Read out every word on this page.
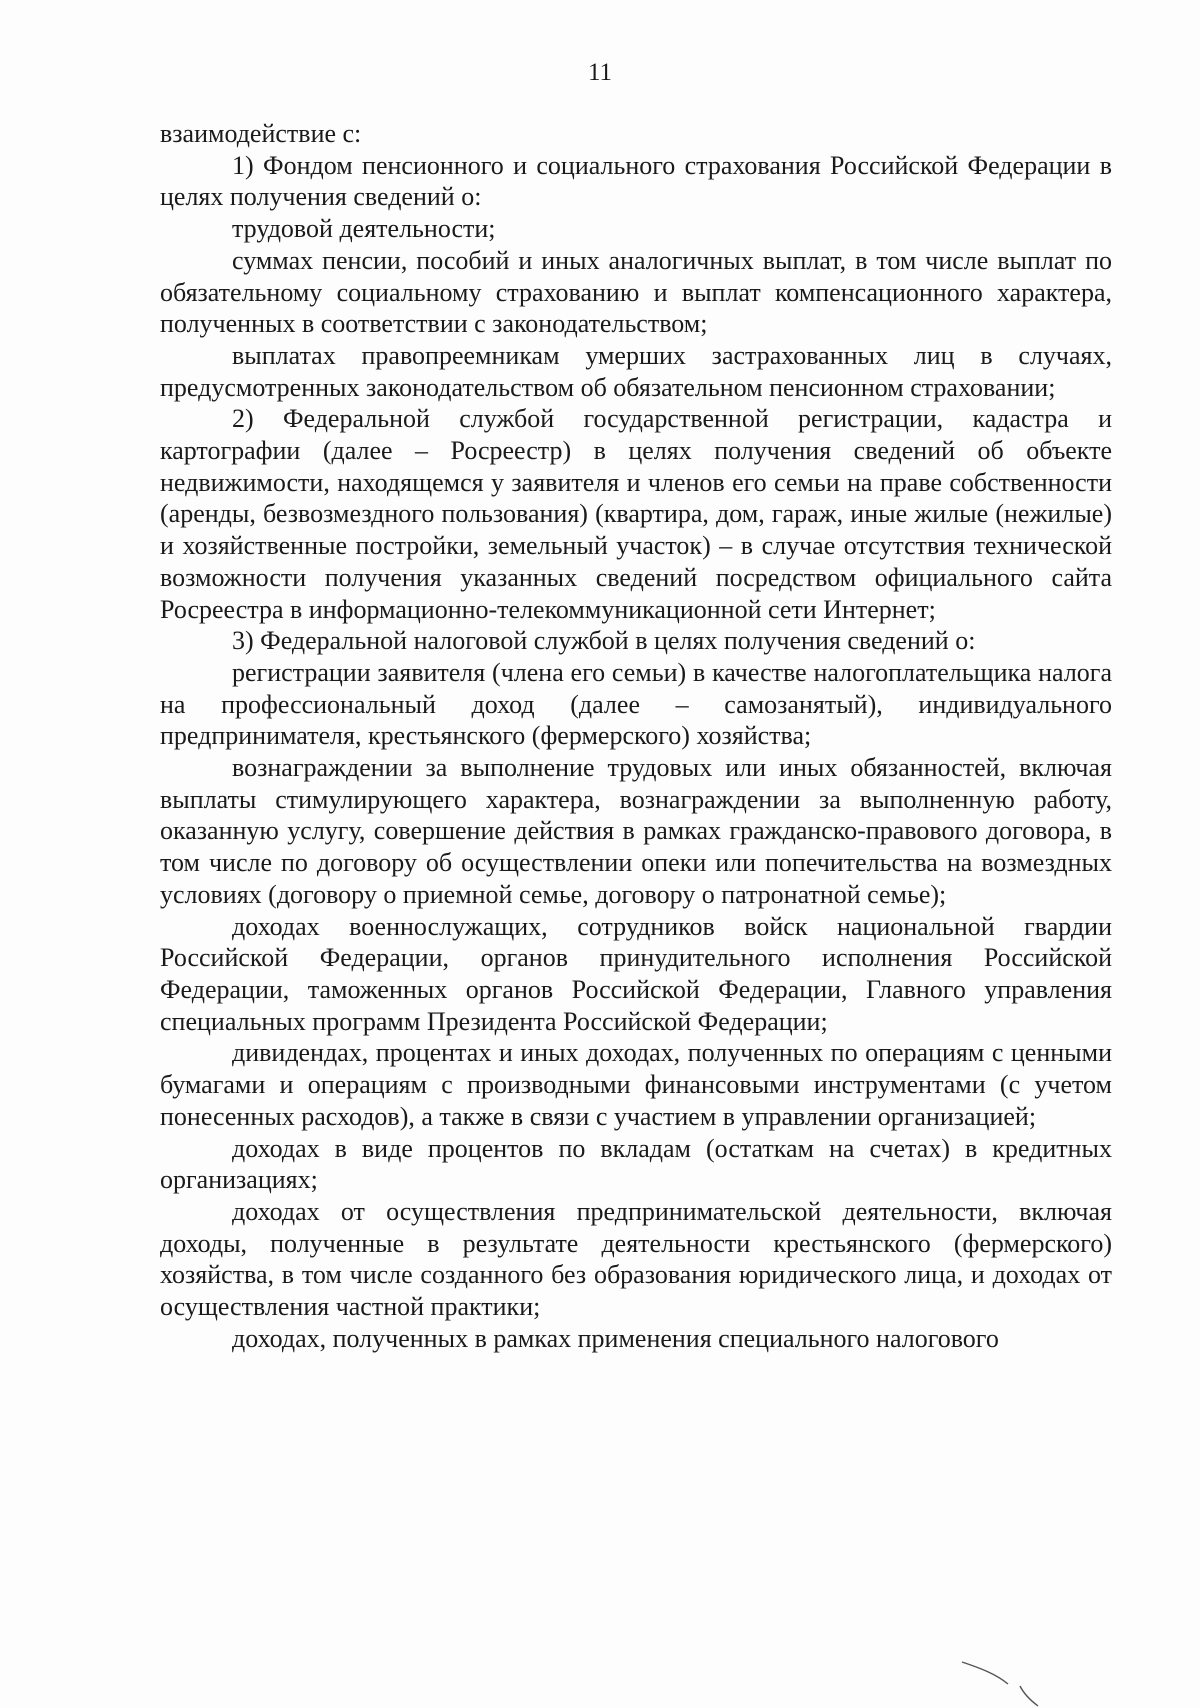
11

взаимодействие с:

1) Фондом пенсионного и социального страхования Российской Федерации в целях получения сведений о:

трудовой деятельности;

суммах пенсии, пособий и иных аналогичных выплат, в том числе выплат по обязательному социальному страхованию и выплат компенсационного характера, полученных в соответствии с законодательством;

выплатах правопреемникам умерших застрахованных лиц в случаях, предусмотренных законодательством об обязательном пенсионном страховании;

2) Федеральной службой государственной регистрации, кадастра и картографии (далее – Росреестр) в целях получения сведений об объекте недвижимости, находящемся у заявителя и членов его семьи на праве собственности (аренды, безвозмездного пользования) (квартира, дом, гараж, иные жилые (нежилые) и хозяйственные постройки, земельный участок) – в случае отсутствия технической возможности получения указанных сведений посредством официального сайта Росреестра в информационно-телекоммуникационной сети Интернет;

3) Федеральной налоговой службой в целях получения сведений о:

регистрации заявителя (члена его семьи) в качестве налогоплательщика налога на профессиональный доход (далее – самозанятый), индивидуального предпринимателя, крестьянского (фермерского) хозяйства;

вознаграждении за выполнение трудовых или иных обязанностей, включая выплаты стимулирующего характера, вознаграждении за выполненную работу, оказанную услугу, совершение действия в рамках гражданско-правового договора, в том числе по договору об осуществлении опеки или попечительства на возмездных условиях (договору о приемной семье, договору о патронатной семье);

доходах военнослужащих, сотрудников войск национальной гвардии Российской Федерации, органов принудительного исполнения Российской Федерации, таможенных органов Российской Федерации, Главного управления специальных программ Президента Российской Федерации;

дивидендах, процентах и иных доходах, полученных по операциям с ценными бумагами и операциям с производными финансовыми инструментами (с учетом понесенных расходов), а также в связи с участием в управлении организацией;

доходах в виде процентов по вкладам (остаткам на счетах) в кредитных организациях;

доходах от осуществления предпринимательской деятельности, включая доходы, полученные в результате деятельности крестьянского (фермерского) хозяйства, в том числе созданного без образования юридического лица, и доходах от осуществления частной практики;

доходах, полученных в рамках применения специального налогового
